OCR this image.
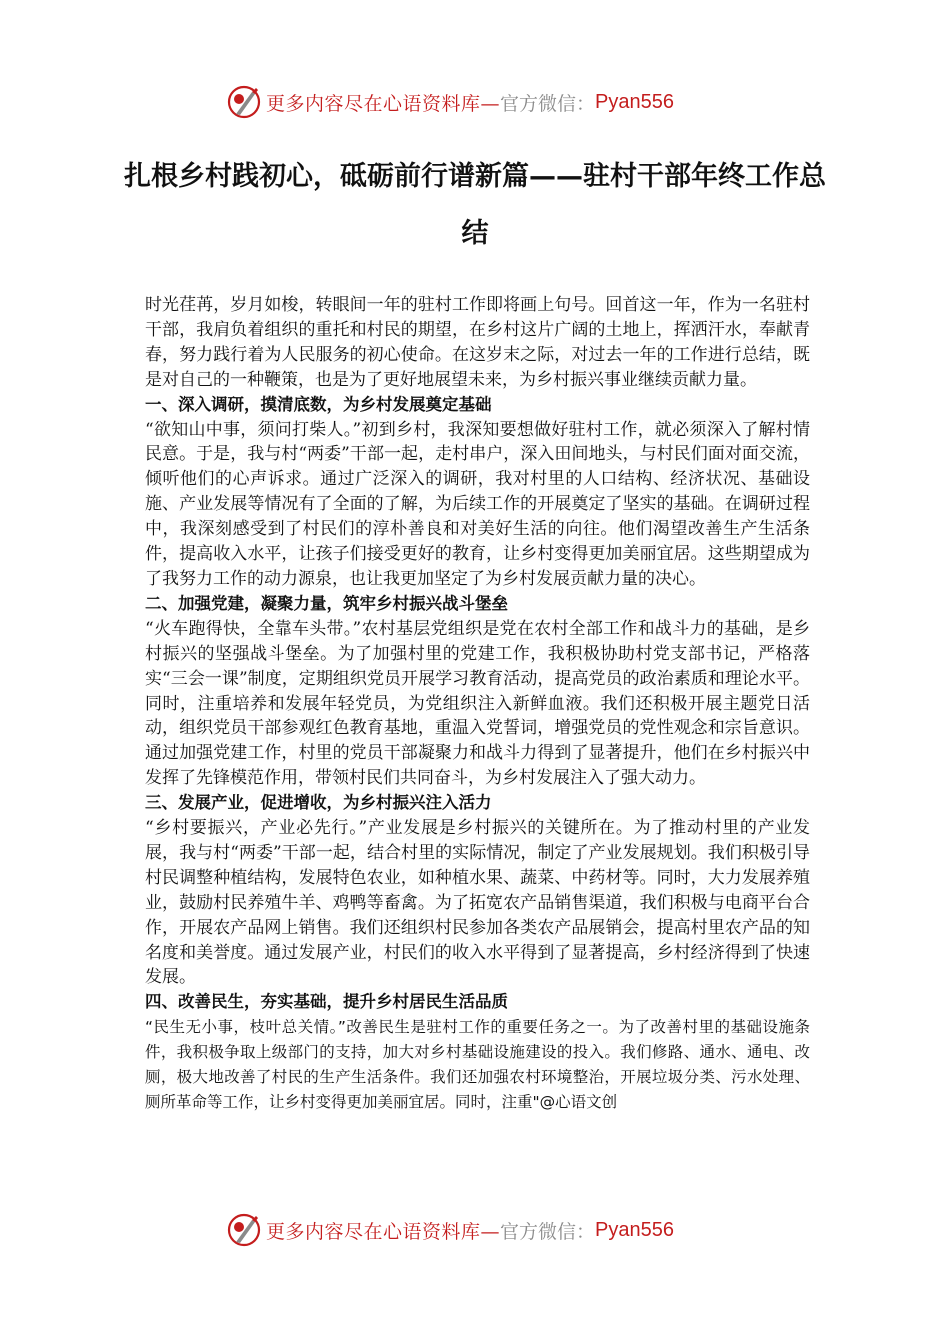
更多内容尽在心语资料库— 官方微信： Pyan556
扎根乡村践初心，砥砺前行谱新篇——驻村干部年终工作总结

时光荏苒，岁月如梭，转眼间一年的驻村工作即将画上句号。回首这一年，作为一名驻村干部，我肩负着组织的重托和村民的期望，在乡村这片广阔的土地上，挥洒汗水，奉献青春，努力践行着为人民服务的初心使命。在这岁末之际，对过去一年的工作进行总结，既是对自己的一种鞭策，也是为了更好地展望未来，为乡村振兴事业继续贡献力量。

一、深入调研，摸清底数，为乡村发展奠定基础

“欲知山中事，须问打柴人。”初到乡村，我深知要想做好驻村工作，就必须深入了解村情民意。于是，我与村“两委”干部一起，走村串户，深入田间地头，与村民们面对面交流，倾听他们的心声诉求。通过广泛深入的调研，我对村里的人口结构、经济状况、基础设施、产业发展等情况有了全面的了解，为后续工作的开展奠定了坚实的基础。在调研过程中，我深刻感受到了村民们的淳朴善良和对美好生活的向往。他们渴望改善生产生活条件，提高收入水平，让孩子们接受更好的教育，让乡村变得更加美丽宜居。这些期望成为了我努力工作的动力源泉，也让我更加坚定了为乡村发展贡献力量的决心。

二、加强党建，凝聚力量，筑牢乡村振兴战斗堡垒

“火车跑得快，全靠车头带。”农村基层党组织是党在农村全部工作和战斗力的基础，是乡村振兴的坚强战斗堡垒。为了加强村里的党建工作，我积极协助村党支部书记，严格落实“三会一课”制度，定期组织党员开展学习教育活动，提高党员的政治素质和理论水平。同时，注重培养和发展年轻党员，为党组织注入新鲜血液。我们还积极开展主题党日活动，组织党员干部参观红色教育基地，重温入党誓词，增强党员的党性观念和宗旨意识。通过加强党建工作，村里的党员干部凝聚力和战斗力得到了显著提升，他们在乡村振兴中发挥了先锋模范作用，带领村民们共同奋斗，为乡村发展注入了强大动力。

三、发展产业，促进增收，为乡村振兴注入活力

“乡村要振兴，产业必先行。”产业发展是乡村振兴的关键所在。为了推动村里的产业发展，我与村“两委”干部一起，结合村里的实际情况，制定了产业发展规划。我们积极引导村民调整种植结构，发展特色农业，如种植水果、蔬菜、中药材等。同时，大力发展养殖业，鼓励村民养殖牛羊、鸡鸭等畜禽。为了拓宽农产品销售渠道，我们积极与电商平台合作，开展农产品网上销售。我们还组织村民参加各类农产品展销会，提高村里农产品的知名度和美誉度。通过发展产业，村民们的收入水平得到了显著提高，乡村经济得到了快速发展。

四、改善民生，夯实基础，提升乡村居民生活品质

“民生无小事，枝叶总关情。”改善民生是驻村工作的重要任务之一。为了改善村里的基础设施条件，我积极争取上级部门的支持，加大对乡村基础设施建设的投入。我们修路、通水、通电、改厕，极大地改善了村民的生产生活条件。我们还加强农村环境整治，开展垃圾分类、污水处理、厕所革命等工作，让乡村变得更加美丽宜居。同时，注重"@心语文创

更多内容尽在心语资料库— 官方微信： Pyan556
